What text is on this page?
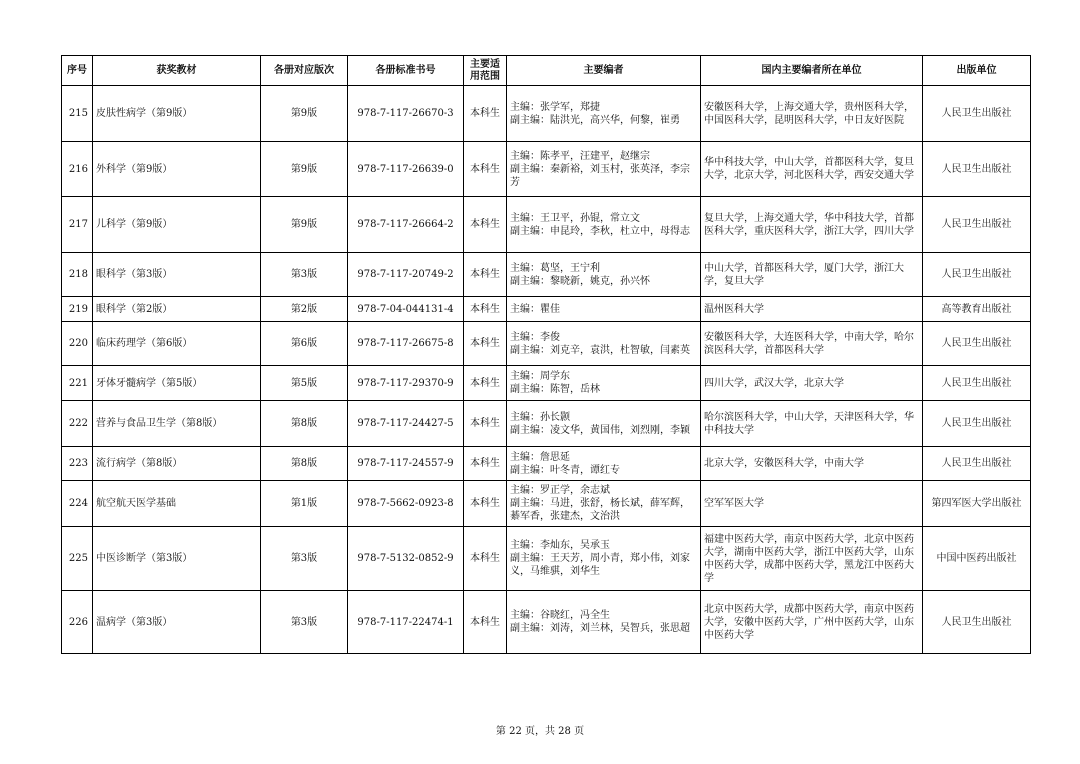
序号	获奖教材	各册对应版次	各册标准书号	主要适用范围	主要编者	国内主要编者所在单位	出版单位
215	皮肤性病学（第9版）	第9版	978-7-117-26670-3	本科生	主编：张学军，郑捷
副主编：陆洪光，高兴华，何黎，崔勇	安徽医科大学，上海交通大学，贵州医科大学，中国医科大学，昆明医科大学，中日友好医院	人民卫生出版社
216	外科学（第9版）	第9版	978-7-117-26639-0	本科生	主编：陈孝平，汪建平，赵继宗
副主编：秦新裕，刘玉村，张英泽，李宗芳	华中科技大学，中山大学，首都医科大学，复旦大学，北京大学，河北医科大学，西安交通大学	人民卫生出版社
217	儿科学（第9版）	第9版	978-7-117-26664-2	本科生	主编：王卫平，孙锟，常立文
副主编：申昆玲，李秋，杜立中，母得志	复旦大学，上海交通大学，华中科技大学，首都医科大学，重庆医科大学，浙江大学，四川大学	人民卫生出版社
218	眼科学（第3版）	第3版	978-7-117-20749-2	本科生	主编：葛坚，王宁利
副主编：黎晓新，姚克，孙兴怀	中山大学，首都医科大学，厦门大学，浙江大学，复旦大学	人民卫生出版社
219	眼科学（第2版）	第2版	978-7-04-044131-4	本科生	主编：瞿佳	温州医科大学	高等教育出版社
220	临床药理学（第6版）	第6版	978-7-117-26675-8	本科生	主编：李俊
副主编：刘克辛，袁洪，杜智敏，闫素英	安徽医科大学，大连医科大学，中南大学，哈尔滨医科大学，首都医科大学	人民卫生出版社
221	牙体牙髓病学（第5版）	第5版	978-7-117-29370-9	本科生	主编：周学东
副主编：陈智，岳林	四川大学，武汉大学，北京大学	人民卫生出版社
222	营养与食品卫生学（第8版）	第8版	978-7-117-24427-5	本科生	主编：孙长颢
副主编：凌文华，黄国伟，刘烈刚，李颖	哈尔滨医科大学，中山大学，天津医科大学，华中科技大学	人民卫生出版社
223	流行病学（第8版）	第8版	978-7-117-24557-9	本科生	主编：詹思延
副主编：叶冬青，谭红专	北京大学，安徽医科大学，中南大学	人民卫生出版社
224	航空航天医学基础	第1版	978-7-5662-0923-8	本科生	主编：罗正学，余志斌
副主编：马进，张舒，杨长斌，薛军辉，綦军香，张建杰，文治洪	空军军医大学	第四军医大学出版社
225	中医诊断学（第3版）	第3版	978-7-5132-0852-9	本科生	主编：李灿东，吴承玉
副主编：王天芳，周小青，郑小伟，刘家义，马维骐，刘华生	福建中医药大学，南京中医药大学，北京中医药大学，湖南中医药大学，浙江中医药大学，山东中医药大学，成都中医药大学，黑龙江中医药大学	中国中医药出版社
226	温病学（第3版）	第3版	978-7-117-22474-1	本科生	主编：谷晓红，冯全生
副主编：刘涛，刘兰林，吴智兵，张思超	北京中医药大学，成都中医药大学，南京中医药大学，安徽中医药大学，广州中医药大学，山东中医药大学	人民卫生出版社
第 22 页，共 28 页
